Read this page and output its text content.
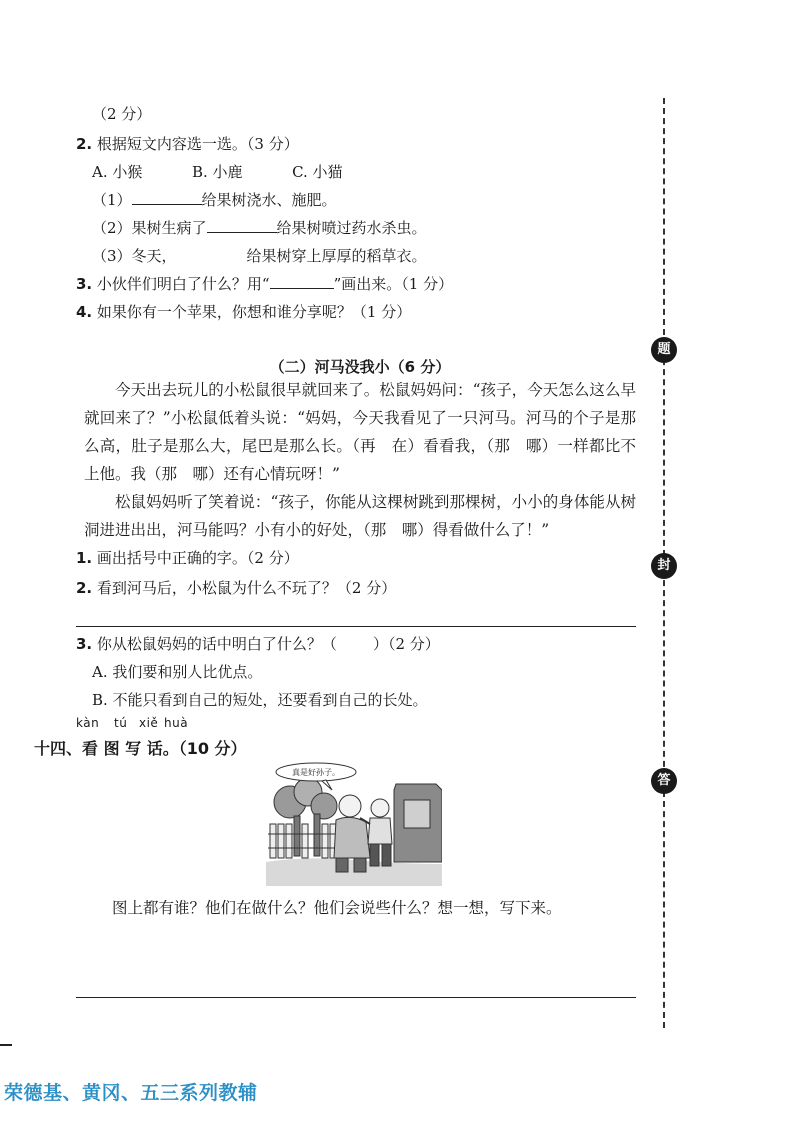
题
封
答
（2 分）
2. 根据短文内容选一选。（3 分）
A. 小猴	B. 小鹿	C. 小猫
（1）	给果树浇水、施肥。
（2）果树生病了	给果树喷过药水杀虫。
（3）冬天，	给果树穿上厚厚的稻草衣。
3. 小伙伴们明白了什么？用“	”画出来。（1 分）
4. 如果你有一个苹果，你想和谁分享呢？（1 分）
（二）河马没我小（6 分）

今天出去玩儿的小松鼠很早就回来了。松鼠妈妈问：“孩子，今天怎么这么早就回来了？”小松鼠低着头说：“妈妈，今天我看见了一只河马。河马的个子是那么高，肚子是那么大，尾巴是那么长。（再　在）看看我，（那　哪）一样都比不上他。我（那　哪）还有心情玩呀！”

松鼠妈妈听了笑着说：“孩子，你能从这棵树跳到那棵树，小小的身体能从树洞进进出出，河马能吗？小有小的好处，（那　哪）得看做什么了！”

1. 画出括号中正确的字。（2 分）
2. 看到河马后，小松鼠为什么不玩了？（2 分）
3. 你从松鼠妈妈的话中明白了什么？（ ）（2 分）
A. 我们要和别人比优点。
B. 不能只看到自己的短处，还要看到自己的长处。
kàn tú xiě huà
十四、看 图 写 话。（10 分）
真是好孙子。
图上都有谁？他们在做什么？他们会说些什么？想一想，写下来。
荣德基、黄冈、五三系列教辅
